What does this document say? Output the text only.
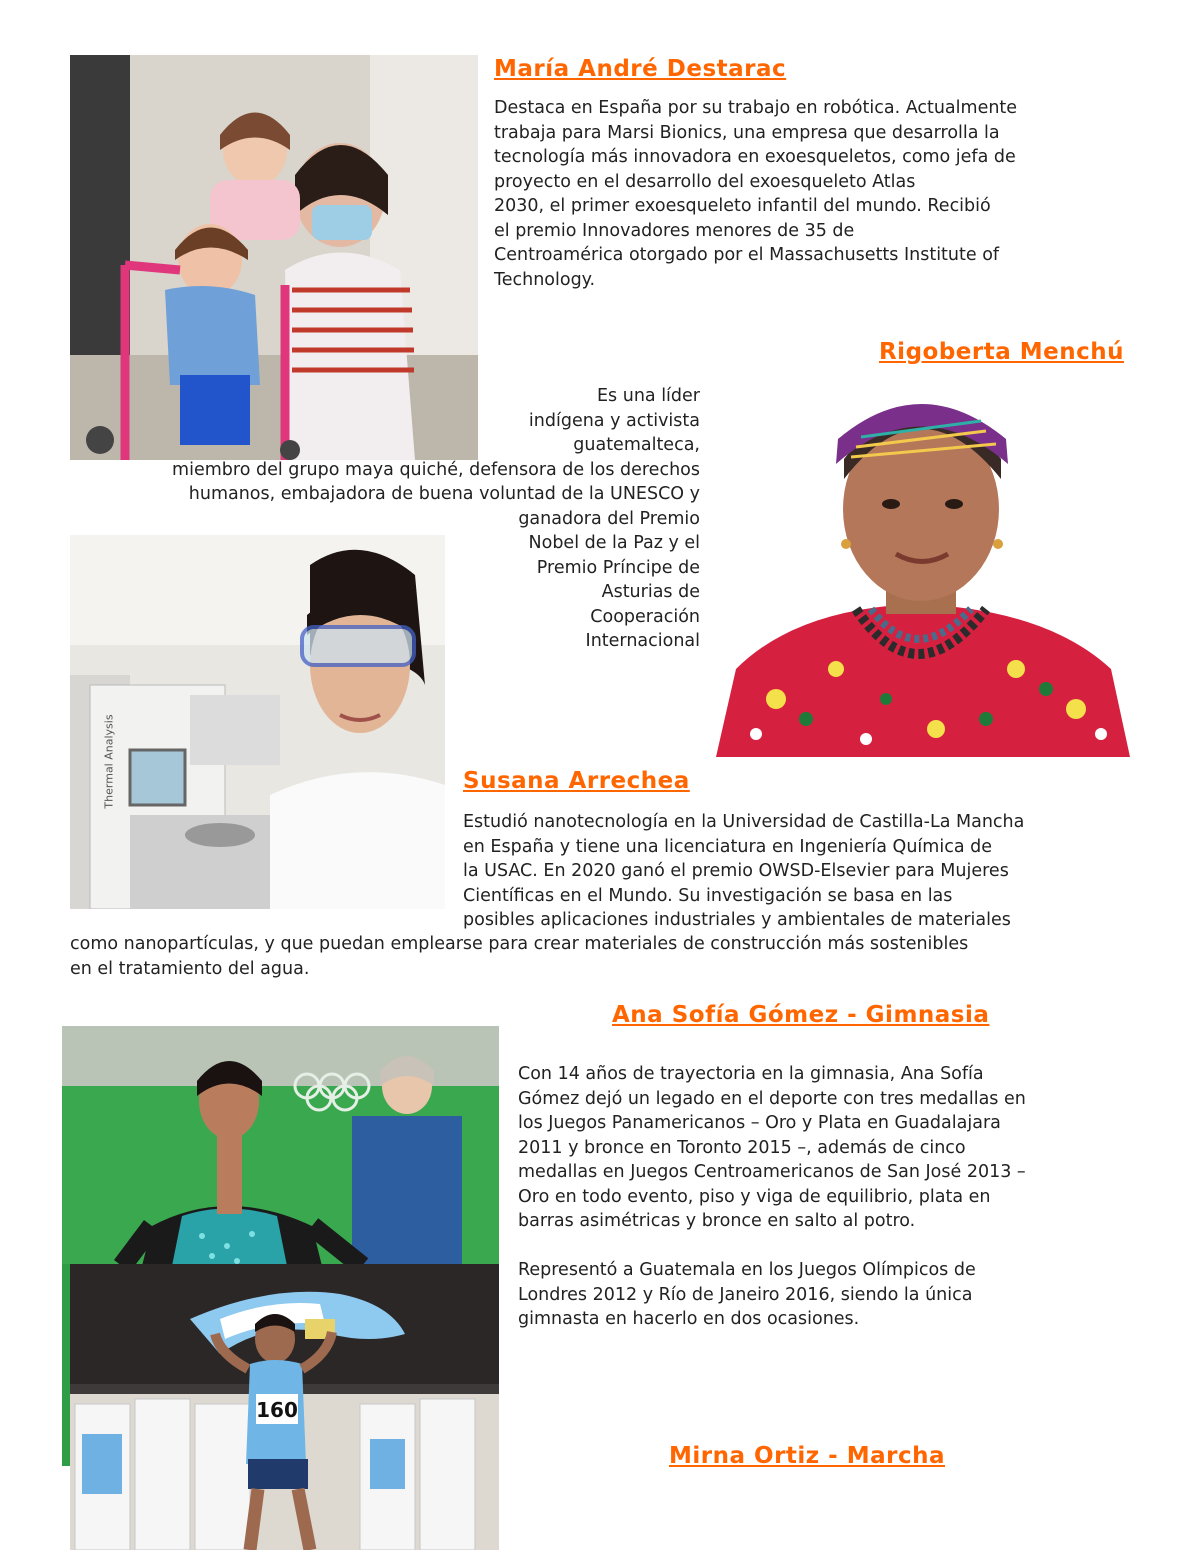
María André Destarac

Destaca en España por su trabajo en robótica. Actualmente

trabaja para Marsi Bionics, una empresa que desarrolla la

tecnología más innovadora en exoesqueletos, como jefa de

proyecto en el desarrollo del exoesqueleto Atlas

2030, el primer exoesqueleto infantil del mundo. Recibió

el premio Innovadores menores de 35 de

Centroamérica otorgado por el Massachusetts Institute of

Technology.

Rigoberta Menchú

Es una líder

indígena y activista

guatemalteca,

miembro del grupo maya quiché, defensora de los derechos

humanos, embajadora de buena voluntad de la UNESCO y

ganadora del Premio

Nobel de la Paz y el

Premio Príncipe de

Asturias de

Cooperación

Internacional

Thermal Analysis	Susana Arrechea

Estudió nanotecnología en la Universidad de Castilla-La Mancha

en España y tiene una licenciatura en Ingeniería Química de

la USAC. En 2020 ganó el premio OWSD-Elsevier para Mujeres

Científicas en el Mundo. Su investigación se basa en las

posibles aplicaciones industriales y ambientales de materiales

como nanopartículas, y que puedan emplearse para crear materiales de construcción más sostenibles

en el tratamiento del agua.

Ana Sofía Gómez - Gimnasia

Con 14 años de trayectoria en la gimnasia, Ana Sofía

Gómez dejó un legado en el deporte con tres medallas en

los Juegos Panamericanos – Oro y Plata en Guadalajara

2011 y bronce en Toronto 2015 –, además de cinco

medallas en Juegos Centroamericanos de San José 2013 –

Oro en todo evento, piso y viga de equilibrio, plata en

barras asimétricas y bronce en salto al potro.

Representó a Guatemala en los Juegos Olímpicos de

Londres 2012 y Río de Janeiro 2016, siendo la única

gimnasta en hacerlo en dos ocasiones.

160
Mirna Ortiz - Marcha
